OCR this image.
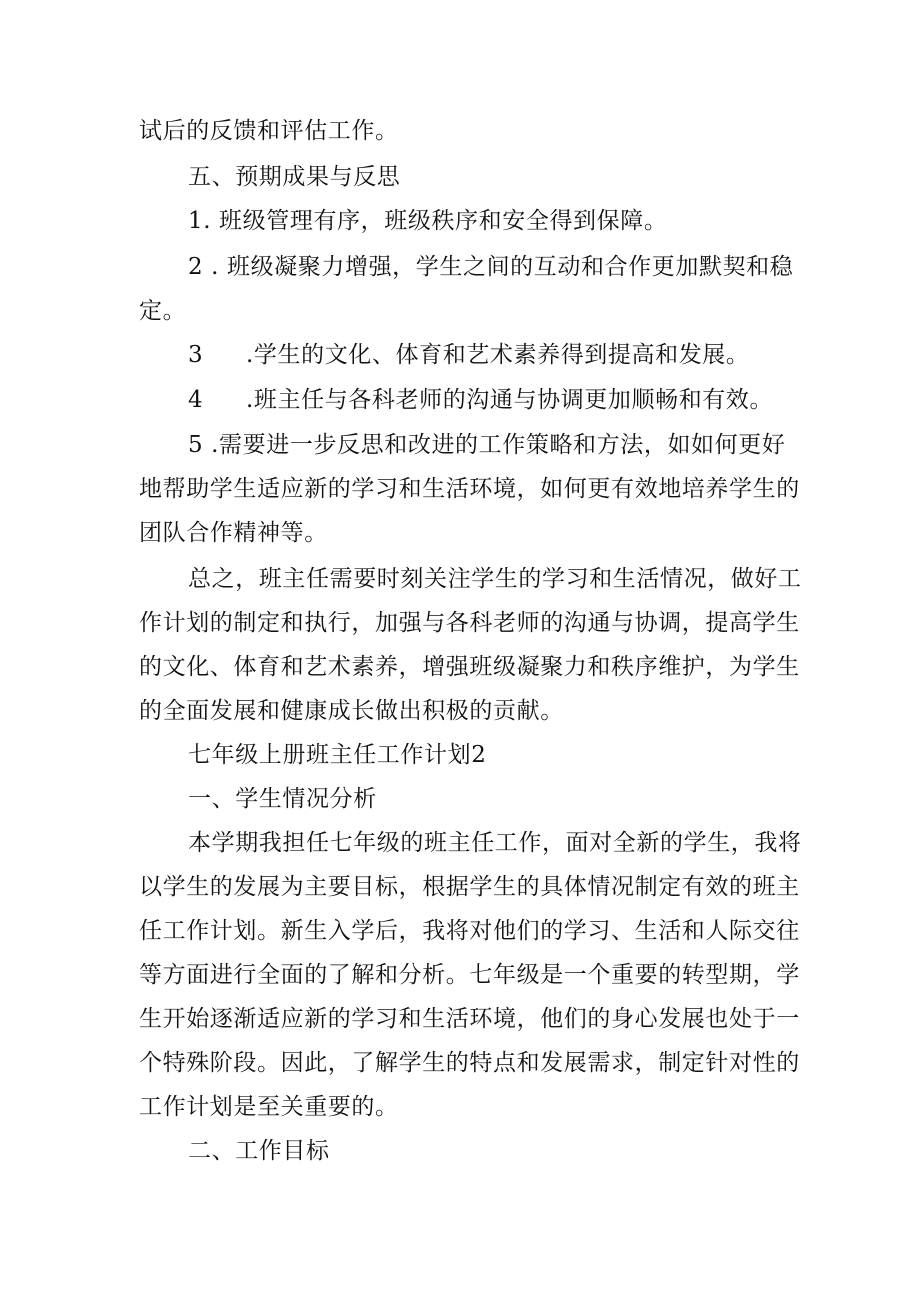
试后的反馈和评估工作。

五、预期成果与反思

1. 班级管理有序，班级秩序和安全得到保障。

2 . 班级凝聚力增强，学生之间的互动和合作更加默契和稳

定。

3 .学生的文化、体育和艺术素养得到提高和发展。

4 .班主任与各科老师的沟通与协调更加顺畅和有效。

5 .需要进一步反思和改进的工作策略和方法，如如何更好

地帮助学生适应新的学习和生活环境，如何更有效地培养学生的

团队合作精神等。

总之，班主任需要时刻关注学生的学习和生活情况，做好工

作计划的制定和执行，加强与各科老师的沟通与协调，提高学生

的文化、体育和艺术素养，增强班级凝聚力和秩序维护，为学生

的全面发展和健康成长做出积极的贡献。

七年级上册班主任工作计划2

一、学生情况分析

本学期我担任七年级的班主任工作，面对全新的学生，我将

以学生的发展为主要目标，根据学生的具体情况制定有效的班主

任工作计划。新生入学后，我将对他们的学习、生活和人际交往

等方面进行全面的了解和分析。七年级是一个重要的转型期，学

生开始逐渐适应新的学习和生活环境，他们的身心发展也处于一

个特殊阶段。因此，了解学生的特点和发展需求，制定针对性的

工作计划是至关重要的。

二、工作目标
